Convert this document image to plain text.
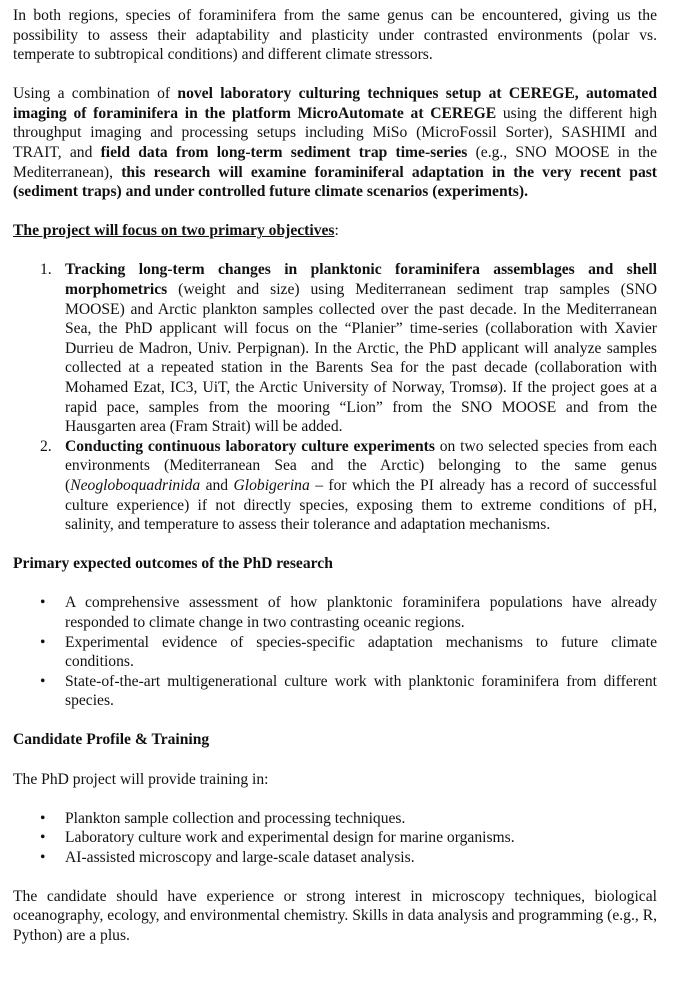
In both regions, species of foraminifera from the same genus can be encountered, giving us the possibility to assess their adaptability and plasticity under contrasted environments (polar vs. temperate to subtropical conditions) and different climate stressors.

Using a combination of novel laboratory culturing techniques setup at CEREGE, automated imaging of foraminifera in the platform MicroAutomate at CEREGE using the different high throughput imaging and processing setups including MiSo (MicroFossil Sorter), SASHIMI and TRAIT, and field data from long-term sediment trap time-series (e.g., SNO MOOSE in the Mediterranean), this research will examine foraminiferal adaptation in the very recent past (sediment traps) and under controlled future climate scenarios (experiments).

The project will focus on two primary objectives:

1. Tracking long-term changes in planktonic foraminifera assemblages and shell morphometrics (weight and size) using Mediterranean sediment trap samples (SNO MOOSE) and Arctic plankton samples collected over the past decade. In the Mediterranean Sea, the PhD applicant will focus on the “Planier” time-series (collaboration with Xavier Durrieu de Madron, Univ. Perpignan). In the Arctic, the PhD applicant will analyze samples collected at a repeated station in the Barents Sea for the past decade (collaboration with Mohamed Ezat, IC3, UiT, the Arctic University of Norway, Tromsø). If the project goes at a rapid pace, samples from the mooring “Lion” from the SNO MOOSE and from the Hausgarten area (Fram Strait) will be added.
2. Conducting continuous laboratory culture experiments on two selected species from each environments (Mediterranean Sea and the Arctic) belonging to the same genus (Neogloboquadrinida and Globigerina – for which the PI already has a record of successful culture experience) if not directly species, exposing them to extreme conditions of pH, salinity, and temperature to assess their tolerance and adaptation mechanisms.
Primary expected outcomes of the PhD research
• A comprehensive assessment of how planktonic foraminifera populations have already responded to climate change in two contrasting oceanic regions.
• Experimental evidence of species-specific adaptation mechanisms to future climate conditions.
• State-of-the-art multigenerational culture work with planktonic foraminifera from different species.
Candidate Profile & Training

The PhD project will provide training in:

• Plankton sample collection and processing techniques.
• Laboratory culture work and experimental design for marine organisms.
• AI-assisted microscopy and large-scale dataset analysis.

The candidate should have experience or strong interest in microscopy techniques, biological oceanography, ecology, and environmental chemistry. Skills in data analysis and programming (e.g., R, Python) are a plus.
